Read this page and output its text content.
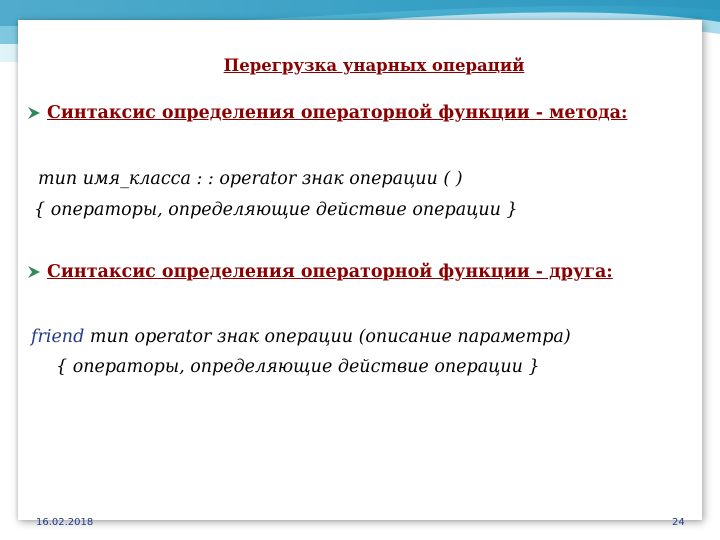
Перегрузка унарных операций
Синтаксис определения операторной функции - метода:
тип имя_класса : : operator знак операции ( )
{ операторы, определяющие действие операции }
Синтаксис определения операторной функции - друга:
friend тип operator знак операции (описание параметра)
{ операторы, определяющие действие операции }
16.02.2018	24
